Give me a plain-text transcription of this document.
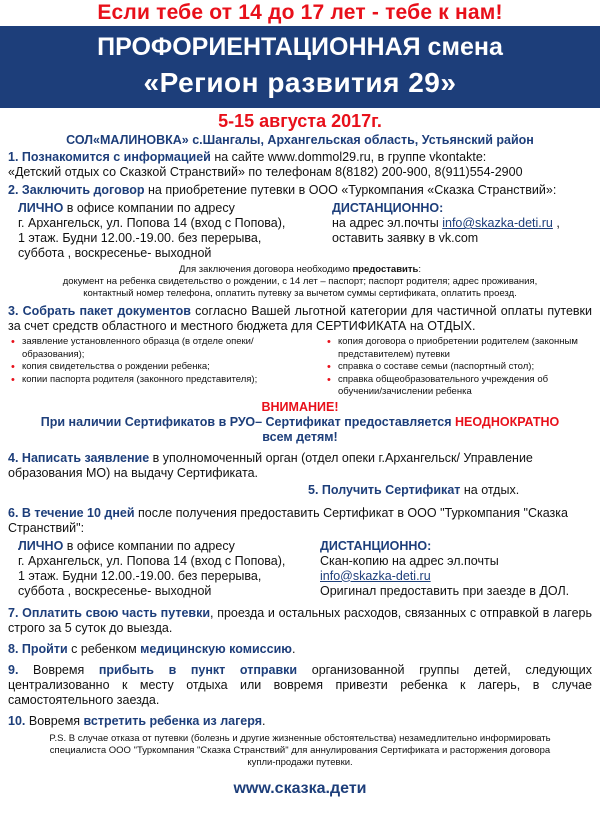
Если тебе от 14 до 17 лет - тебе к нам!
ПРОФОРИЕНТАЦИОННАЯ смена
«Регион развития 29»
5-15 августа 2017г.
СОЛ«МАЛИНОВКА» с.Шангалы, Архангельская область, Устьянский район
1. Познакомится с информацией на сайте www.dommol29.ru, в группе vkontakte:
«Детский отдых со Сказкой Странствий» по телефонам 8(8182) 200-900, 8(911)554-2900
2. Заключить договор на приобретение путевки в ООО «Туркомпания «Сказка Странствий»:
ЛИЧНО в офисе компании по адресу
г. Архангельск, ул. Попова 14 (вход с Попова),
1 этаж. Будни 12.00.-19.00. без перерыва,
суббота , воскресенье- выходной
ДИСТАНЦИОННО:
на адрес эл.почты info@skazka-deti.ru ,
оставить заявку в vk.com
Для заключения договора необходимо предоставить:
документ на ребенка свидетельство о рождении, с 14 лет – паспорт; паспорт родителя; адрес проживания,
контактный номер телефона, оплатить путевку за вычетом суммы сертификата, оплатить проезд.
3. Собрать пакет документов согласно Вашей льготной категории для частичной оплаты путевки за счет средств областного и местного бюджета для СЕРТИФИКАТА на ОТДЫХ.
• заявление установленного образца (в отделе опеки/ образования);
• копия свидетельства о рождении ребенка;
• копии паспорта родителя (законного представителя);
• копия договора о приобретении родителем (законным представителем) путевки
• справка о составе семьи (паспортный стол);
• справка общеобразовательного учреждения об обучении/зачислении ребенка
ВНИМАНИЕ!
При наличии Сертификатов в РУО– Сертификат предоставляется НЕОДНОКРАТНО
всем детям!
4. Написать заявление в уполномоченный орган (отдел опеки г.Архангельск/ Управление образования МО) на выдачу Сертификата.
5. Получить Сертификат на отдых.
6. В течение 10 дней после получения предоставить Сертификат в ООО "Туркомпания "Сказка Странствий":
ЛИЧНО в офисе компании по адресу
г. Архангельск, ул. Попова 14 (вход с Попова),
1 этаж. Будни 12.00.-19.00. без перерыва,
суббота , воскресенье- выходной
ДИСТАНЦИОННО:
Скан-копию на адрес эл.почты
info@skazka-deti.ru
Оригинал предоставить при заезде в ДОЛ.
7. Оплатить свою часть путевки, проезда и остальных расходов, связанных с отправкой в лагерь строго за 5 суток до выезда.
8. Пройти с ребенком медицинскую комиссию.
9. Вовремя прибыть в пункт отправки организованной группы детей, следующих централизованно к месту отдыха или вовремя привезти ребенка к лагерь, в случае самостоятельного заезда.
10. Вовремя встретить ребенка из лагеря.
P.S. В случае отказа от путевки (болезнь и другие жизненные обстоятельства) незамедлительно информировать
специалиста ООО "Туркомпания "Сказка Странствий" для аннулирования Сертификата и расторжения договора
купли-продажи путевки.
www.сказка.дети
